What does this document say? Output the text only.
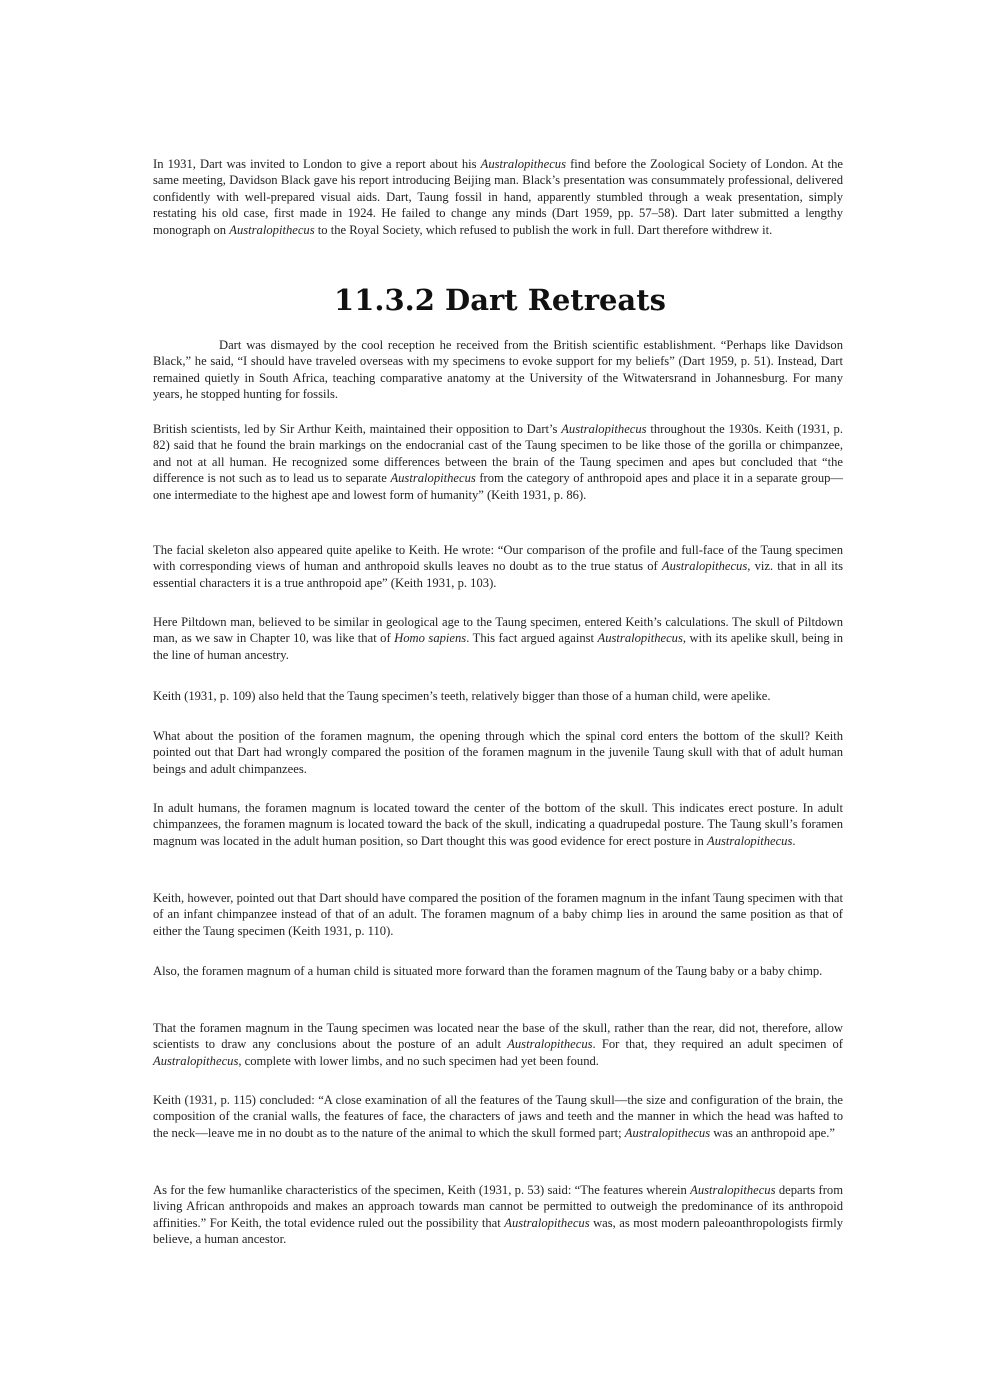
In 1931, Dart was invited to London to give a report about his Australopithecus find before the Zoological Society of London. At the same meeting, Davidson Black gave his report introducing Beijing man. Black’s presentation was consummately professional, delivered confidently with well-prepared visual aids. Dart, Taung fossil in hand, apparently stumbled through a weak presentation, simply restating his old case, first made in 1924. He failed to change any minds (Dart 1959, pp. 57–58). Dart later submitted a lengthy monograph on Australopithecus to the Royal Society, which refused to publish the work in full. Dart therefore withdrew it.

11.3.2 Dart Retreats

Dart was dismayed by the cool reception he received from the British scientific establishment. “Perhaps like Davidson Black,” he said, “I should have traveled overseas with my specimens to evoke support for my beliefs” (Dart 1959, p. 51). Instead, Dart remained quietly in South Africa, teaching comparative anatomy at the University of the Witwatersrand in Johannesburg. For many years, he stopped hunting for fossils.

British scientists, led by Sir Arthur Keith, maintained their opposition to Dart’s Australopithecus throughout the 1930s. Keith (1931, p. 82) said that he found the brain markings on the endocranial cast of the Taung specimen to be like those of the gorilla or chimpanzee, and not at all human. He recognized some differences between the brain of the Taung specimen and apes but concluded that “the difference is not such as to lead us to separate Australopithecus from the category of anthropoid apes and place it in a separate group—one intermediate to the highest ape and lowest form of humanity” (Keith 1931, p. 86).

The facial skeleton also appeared quite apelike to Keith. He wrote: “Our comparison of the profile and full-face of the Taung specimen with corresponding views of human and anthropoid skulls leaves no doubt as to the true status of Australopithecus, viz. that in all its essential characters it is a true anthropoid ape” (Keith 1931, p. 103).

Here Piltdown man, believed to be similar in geological age to the Taung specimen, entered Keith’s calculations. The skull of Piltdown man, as we saw in Chapter 10, was like that of Homo sapiens. This fact argued against Australopithecus, with its apelike skull, being in the line of human ancestry.

Keith (1931, p. 109) also held that the Taung specimen’s teeth, relatively bigger than those of a human child, were apelike.

What about the position of the foramen magnum, the opening through which the spinal cord enters the bottom of the skull? Keith pointed out that Dart had wrongly compared the position of the foramen magnum in the juvenile Taung skull with that of adult human beings and adult chimpanzees.

In adult humans, the foramen magnum is located toward the center of the bottom of the skull. This indicates erect posture. In adult chimpanzees, the foramen magnum is located toward the back of the skull, indicating a quadrupedal posture. The Taung skull’s foramen magnum was located in the adult human position, so Dart thought this was good evidence for erect posture in Australopithecus.

Keith, however, pointed out that Dart should have compared the position of the foramen magnum in the infant Taung specimen with that of an infant chimpanzee instead of that of an adult. The foramen magnum of a baby chimp lies in around the same position as that of either the Taung specimen (Keith 1931, p. 110).

Also, the foramen magnum of a human child is situated more forward than the foramen magnum of the Taung baby or a baby chimp.

That the foramen magnum in the Taung specimen was located near the base of the skull, rather than the rear, did not, therefore, allow scientists to draw any conclusions about the posture of an adult Australopithecus. For that, they required an adult specimen of Australopithecus, complete with lower limbs, and no such specimen had yet been found.

Keith (1931, p. 115) concluded: “A close examination of all the features of the Taung skull—the size and configuration of the brain, the composition of the cranial walls, the features of face, the characters of jaws and teeth and the manner in which the head was hafted to the neck—leave me in no doubt as to the nature of the animal to which the skull formed part; Australopithecus was an anthropoid ape.”

As for the few humanlike characteristics of the specimen, Keith (1931, p. 53) said: “The features wherein Australopithecus departs from living African anthropoids and makes an approach towards man cannot be permitted to outweigh the predominance of its anthropoid affinities.” For Keith, the total evidence ruled out the possibility that Australopithecus was, as most modern paleoanthropologists firmly believe, a human ancestor.
